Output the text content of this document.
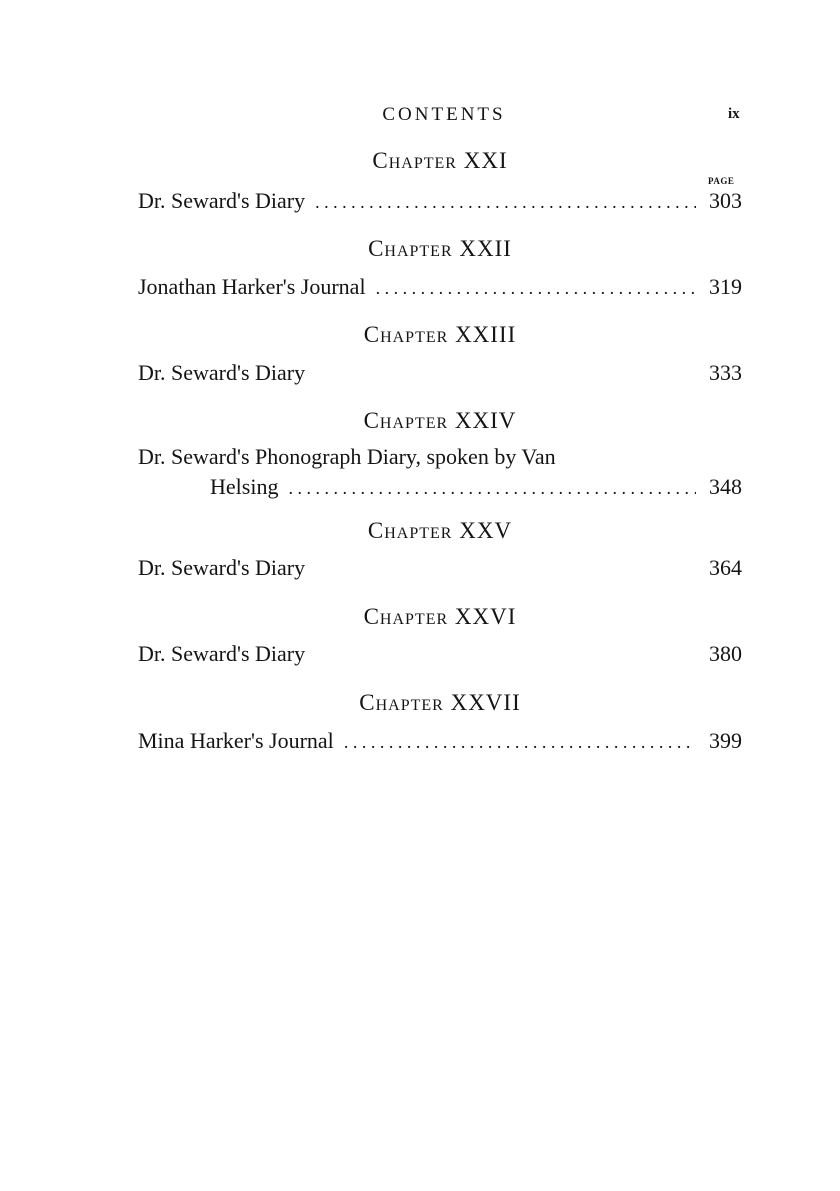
CONTENTS	ix
PAGE
Chapter XXI
Dr. Seward's Diary . . .	303
Chapter XXII
Jonathan Harker's Journal . . .	319
Chapter XXIII
Dr. Seward's Diary	333
Chapter XXIV
Dr. Seward's Phonograph Diary, spoken by Van
Helsing . . .	348
Chapter XXV
Dr. Seward's Diary	364
Chapter XXVI
Dr. Seward's Diary	380
Chapter XXVII
Mina Harker's Journal . . .	399
